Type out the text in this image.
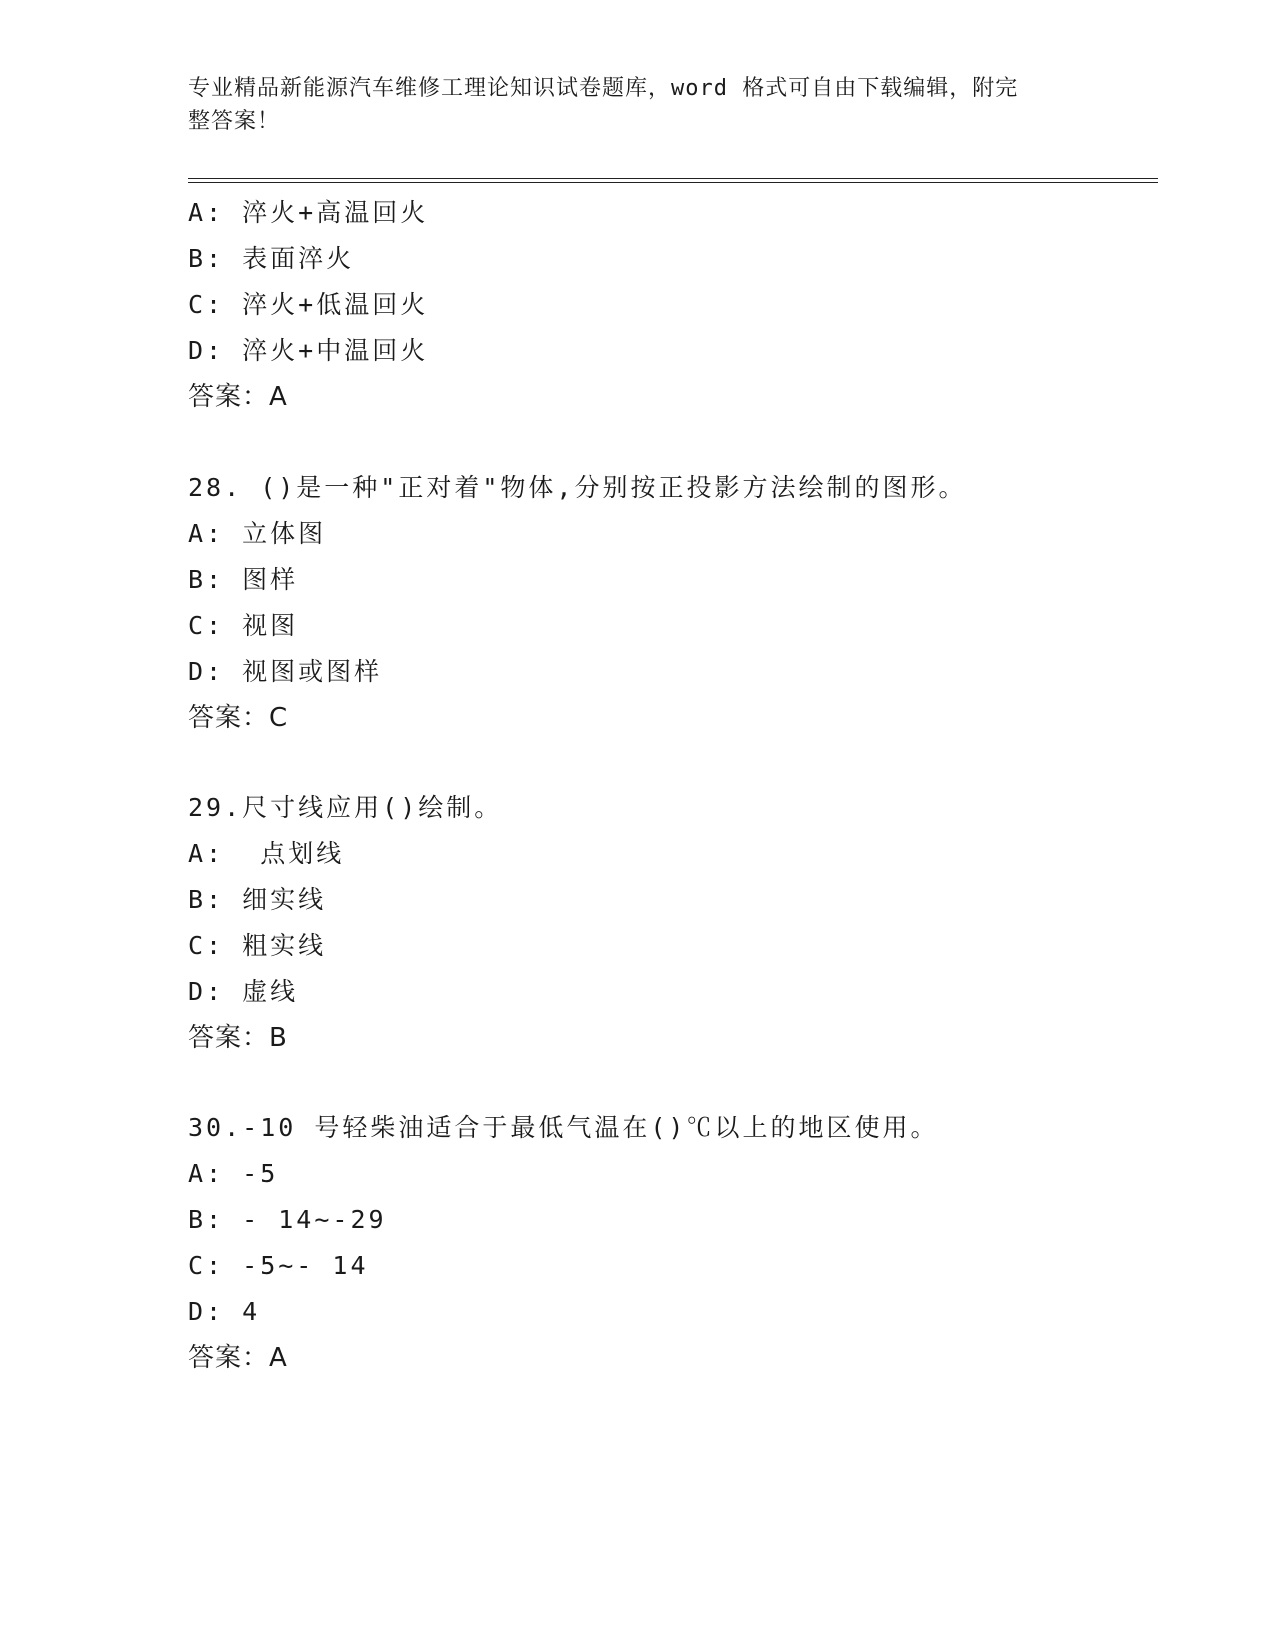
专业精品新能源汽车维修工理论知识试卷题库，word 格式可自由下载编辑，附完
整答案！
A: 淬火+高温回火
B: 表面淬火
C: 淬火+低温回火
D: 淬火+中温回火
答案：A
28. ()是一种"正对着"物体,分别按正投影方法绘制的图形。
A: 立体图
B: 图样
C: 视图
D: 视图或图样
答案：C
29.尺寸线应用()绘制。
A:  点划线
B: 细实线
C: 粗实线
D: 虚线
答案：B
30.-10 号轻柴油适合于最低气温在()℃以上的地区使用。
A: -5
B: - 14~-29
C: -5~- 14
D: 4
答案：A
